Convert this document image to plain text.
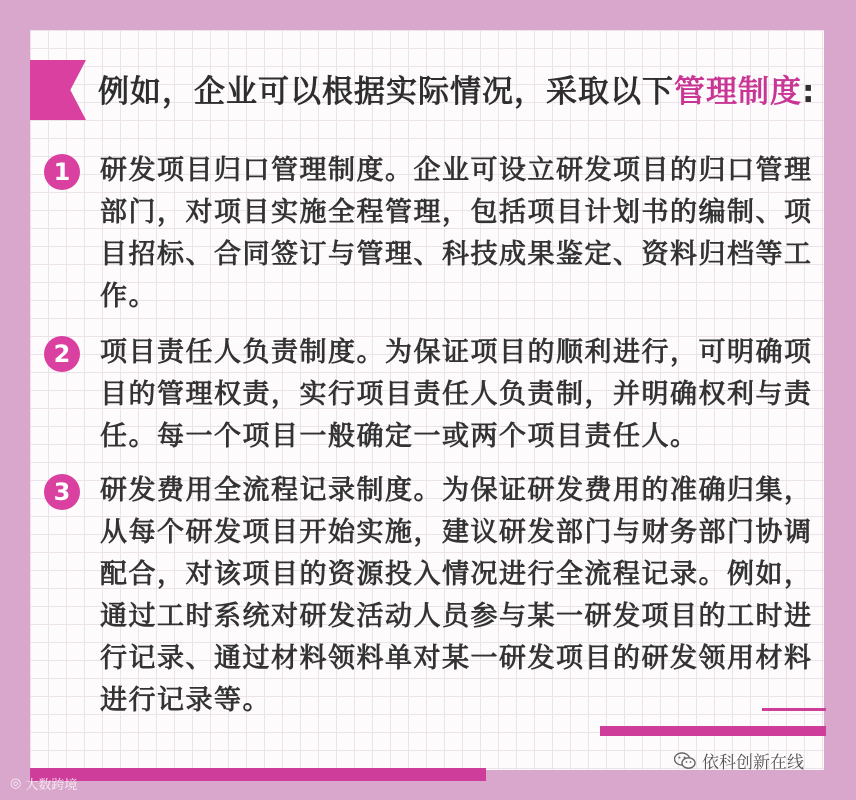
例如，企业可以根据实际情况，采取以下管理制度:
1	研发项目归口管理制度。企业可设立研发项目的归口管理部门，对项目实施全程管理，包括项目计划书的编制、项目招标、合同签订与管理、科技成果鉴定、资料归档等工作。
2	项目责任人负责制度。为保证项目的顺利进行，可明确项目的管理权责，实行项目责任人负责制，并明确权利与责任。每一个项目一般确定一或两个项目责任人。
3	研发费用全流程记录制度。为保证研发费用的准确归集，从每个研发项目开始实施，建议研发部门与财务部门协调配合，对该项目的资源投入情况进行全流程记录。例如，通过工时系统对研发活动人员参与某一研发项目的工时进行记录、通过材料领料单对某一研发项目的研发领用材料进行记录等。
◎ 大数跨境
依科创新在线
